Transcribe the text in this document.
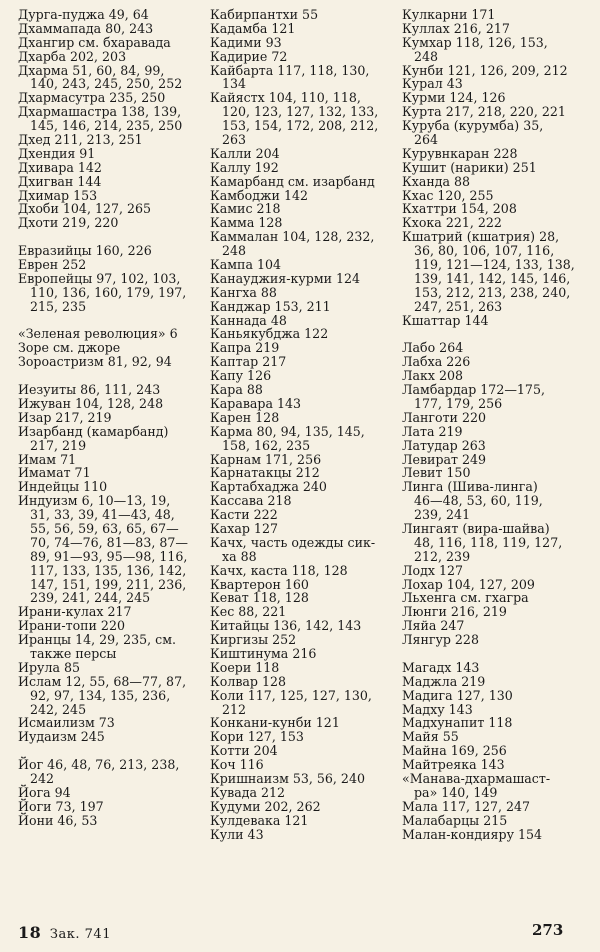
Дурга-пуджа 49, 64
Дхаммапада 80, 243
Дхангир см. бхаравада
Дхарба 202, 203
Дхарма 51, 60, 84, 99,
140, 243, 245, 250, 252
Дхармасутра 235, 250
Дхармашастра 138, 139,
145, 146, 214, 235, 250
Дхед 211, 213, 251
Дхендия 91
Дхивара 142
Дхигван 144
Дхимар 153
Дхоби 104, 127, 265
Дхоти 219, 220
Евразийцы 160, 226
Еврен 252
Европейцы 97, 102, 103,
110, 136, 160, 179, 197,
215, 235
«Зеленая революция» 6
Зоре см. джоре
Зороастризм 81, 92, 94
Иезуиты 86, 111, 243
Ижуван 104, 128, 248
Изар 217, 219
Изарбанд (камарбанд)
217, 219
Имам 71
Имамат 71
Индейцы 110
Индуизм 6, 10—13, 19,
31, 33, 39, 41—43, 48,
55, 56, 59, 63, 65, 67—
70, 74—76, 81—83, 87—
89, 91—93, 95—98, 116,
117, 133, 135, 136, 142,
147, 151, 199, 211, 236,
239, 241, 244, 245
Ирани-кулах 217
Ирани-топи 220
Иранцы 14, 29, 235, см.
также персы
Ирула 85
Ислам 12, 55, 68—77, 87,
92, 97, 134, 135, 236,
242, 245
Исмаилизм 73
Иудаизм 245
Йог 46, 48, 76, 213, 238,
242
Йога 94
Йоги 73, 197
Йони 46, 53
Кабирпантхи 55
Кадамба 121
Кадими 93
Кадирие 72
Кайбарта 117, 118, 130,
134
Кайястх 104, 110, 118,
120, 123, 127, 132, 133,
153, 154, 172, 208, 212,
263
Калли 204
Каллу 192
Камарбанд см. изарбанд
Камбоджи 142
Камис 218
Камма 128
Каммалан 104, 128, 232,
248
Кампа 104
Канауджия-курми 124
Кангха 88
Канджар 153, 211
Каннада 48
Каньякубджа 122
Капра 219
Каптар 217
Капу 126
Кара 88
Каравара 143
Карен 128
Карма 80, 94, 135, 145,
158, 162, 235
Карнам 171, 256
Карнатакцы 212
Картабхаджа 240
Кассава 218
Касти 222
Кахар 127
Качх, часть одежды сик-
ха 88
Качх, каста 118, 128
Квартерон 160
Кеват 118, 128
Кес 88, 221
Китайцы 136, 142, 143
Киргизы 252
Киштинума 216
Коери 118
Колвар 128
Коли 117, 125, 127, 130,
212
Конкани-кунби 121
Кори 127, 153
Котти 204
Коч 116
Кришнаизм 53, 56, 240
Кувада 212
Кудуми 202, 262
Кулдевака 121
Кули 43
Кулкарни 171
Куллах 216, 217
Кумхар 118, 126, 153,
248
Кунби 121, 126, 209, 212
Курал 43
Курми 124, 126
Курта 217, 218, 220, 221
Куруба (курумба) 35,
264
Курувнкаран 228
Кушит (нарики) 251
Кханда 88
Кхас 120, 255
Кхаттри 154, 208
Кхока 221, 222
Кшатрий (кшатрия) 28,
36, 80, 106, 107, 116,
119, 121—124, 133, 138,
139, 141, 142, 145, 146,
153, 212, 213, 238, 240,
247, 251, 263
Кшаттар 144
Лабо 264
Лабха 226
Лакх 208
Ламбардар 172—175,
177, 179, 256
Ланготи 220
Лата 219
Латудар 263
Левират 249
Левит 150
Линга (Шива-линга)
46—48, 53, 60, 119,
239, 241
Лингаят (вира-шайва)
48, 116, 118, 119, 127,
212, 239
Лодх 127
Лохар 104, 127, 209
Льхенга см. гхагра
Люнги 216, 219
Ляйа 247
Лянгур 228
Магадх 143
Маджла 219
Мадига 127, 130
Мадху 143
Мадхунапит 118
Майя 55
Майна 169, 256
Майтреяка 143
«Манава-дхармашаст-
ра» 140, 149
Мала 117, 127, 247
Малабарцы 215
Малан-кондияру 154
18 Зак. 741	273
